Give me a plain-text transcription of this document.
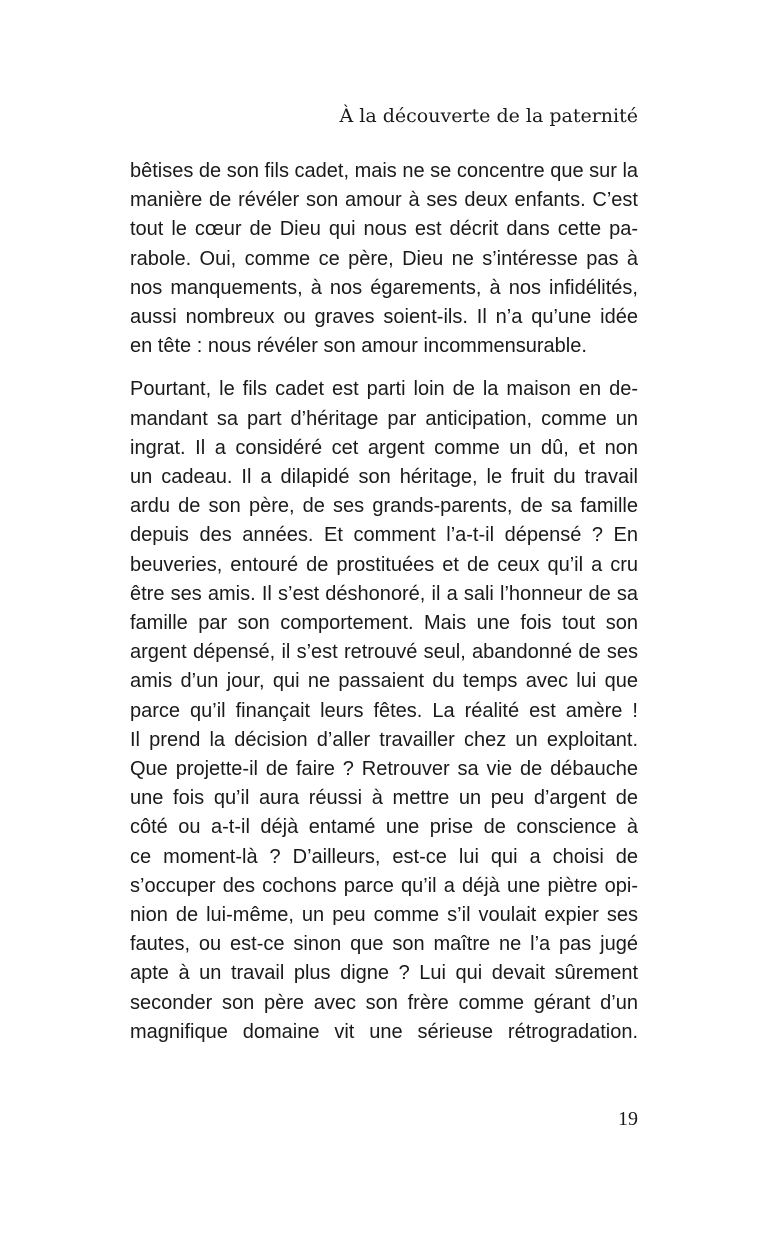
À la découverte de la paternité

bêtises de son fils cadet, mais ne se concentre que sur la
manière de révéler son amour à ses deux enfants. C’est
tout le cœur de Dieu qui nous est décrit dans cette pa-
rabole. Oui, comme ce père, Dieu ne s’intéresse pas à
nos manquements, à nos égarements, à nos infidélités,
aussi nombreux ou graves soient-ils. Il n’a qu’une idée
en tête : nous révéler son amour incommensurable.

Pourtant, le fils cadet est parti loin de la maison en de-
mandant sa part d’héritage par anticipation, comme un
ingrat. Il a considéré cet argent comme un dû, et non
un cadeau. Il a dilapidé son héritage, le fruit du travail
ardu de son père, de ses grands-parents, de sa famille
depuis des années. Et comment l’a-t-il dépensé ? En
beuveries, entouré de prostituées et de ceux qu’il a cru
être ses amis. Il s’est déshonoré, il a sali l’honneur de sa
famille par son comportement. Mais une fois tout son
argent dépensé, il s’est retrouvé seul, abandonné de ses
amis d’un jour, qui ne passaient du temps avec lui que
parce qu’il finançait leurs fêtes. La réalité est amère !
Il prend la décision d’aller travailler chez un exploitant.
Que projette-il de faire ? Retrouver sa vie de débauche
une fois qu’il aura réussi à mettre un peu d’argent de
côté ou a-t-il déjà entamé une prise de conscience à
ce moment-là ? D’ailleurs, est-ce lui qui a choisi de
s’occuper des cochons parce qu’il a déjà une piètre opi-
nion de lui-même, un peu comme s’il voulait expier ses
fautes, ou est-ce sinon que son maître ne l’a pas jugé
apte à un travail plus digne ? Lui qui devait sûrement
seconder son père avec son frère comme gérant d’un
magnifique domaine vit une sérieuse rétrogradation.

19
